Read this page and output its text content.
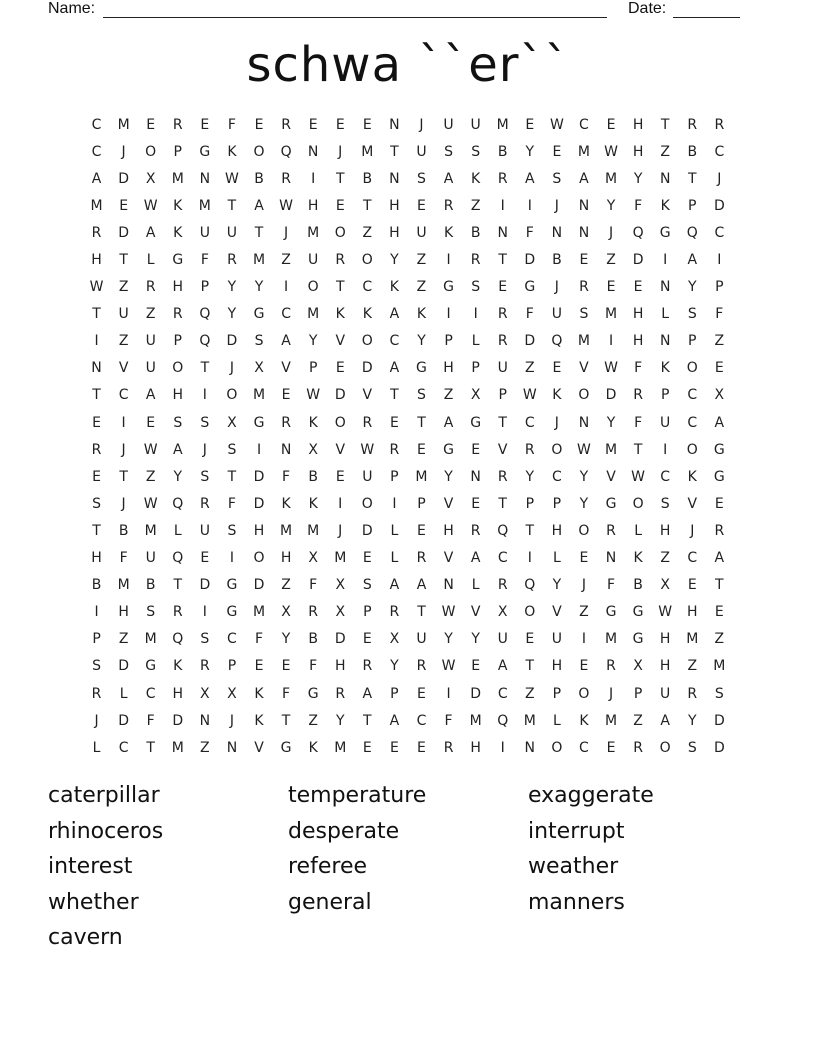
Name:	Date:
schwa ``er``
C	M	E	R	E	F	E	R	E	E	E	N	J	U	U	M	E	W	C	E	H	T	R	R
C	J	O	P	G	K	O	Q	N	J	M	T	U	S	S	B	Y	E	M	W	H	Z	B	C
A	D	X	M	N	W	B	R	I	T	B	N	S	A	K	R	A	S	A	M	Y	N	T	J
M	E	W	K	M	T	A	W	H	E	T	H	E	R	Z	I	I	J	N	Y	F	K	P	D
R	D	A	K	U	U	T	J	M	O	Z	H	U	K	B	N	F	N	N	J	Q	G	Q	C
H	T	L	G	F	R	M	Z	U	R	O	Y	Z	I	R	T	D	B	E	Z	D	I	A	I
W	Z	R	H	P	Y	Y	I	O	T	C	K	Z	G	S	E	G	J	R	E	E	N	Y	P
T	U	Z	R	Q	Y	G	C	M	K	K	A	K	I	I	R	F	U	S	M	H	L	S	F
I	Z	U	P	Q	D	S	A	Y	V	O	C	Y	P	L	R	D	Q	M	I	H	N	P	Z
N	V	U	O	T	J	X	V	P	E	D	A	G	H	P	U	Z	E	V	W	F	K	O	E
T	C	A	H	I	O	M	E	W	D	V	T	S	Z	X	P	W	K	O	D	R	P	C	X
E	I	E	S	S	X	G	R	K	O	R	E	T	A	G	T	C	J	N	Y	F	U	C	A
R	J	W	A	J	S	I	N	X	V	W	R	E	G	E	V	R	O	W	M	T	I	O	G
E	T	Z	Y	S	T	D	F	B	E	U	P	M	Y	N	R	Y	C	Y	V	W	C	K	G
S	J	W	Q	R	F	D	K	K	I	O	I	P	V	E	T	P	P	Y	G	O	S	V	E
T	B	M	L	U	S	H	M	M	J	D	L	E	H	R	Q	T	H	O	R	L	H	J	R
H	F	U	Q	E	I	O	H	X	M	E	L	R	V	A	C	I	L	E	N	K	Z	C	A
B	M	B	T	D	G	D	Z	F	X	S	A	A	N	L	R	Q	Y	J	F	B	X	E	T
I	H	S	R	I	G	M	X	R	X	P	R	T	W	V	X	O	V	Z	G	G	W	H	E
P	Z	M	Q	S	C	F	Y	B	D	E	X	U	Y	Y	U	E	U	I	M	G	H	M	Z
S	D	G	K	R	P	E	E	F	H	R	Y	R	W	E	A	T	H	E	R	X	H	Z	M
R	L	C	H	X	X	K	F	G	R	A	P	E	I	D	C	Z	P	O	J	P	U	R	S
J	D	F	D	N	J	K	T	Z	Y	T	A	C	F	M	Q	M	L	K	M	Z	A	Y	D
L	C	T	M	Z	N	V	G	K	M	E	E	E	R	H	I	N	O	C	E	R	O	S	D
caterpillar	temperature	exaggerate
rhinoceros	desperate	interrupt
interest	referee	weather
whether	general	manners
cavern
